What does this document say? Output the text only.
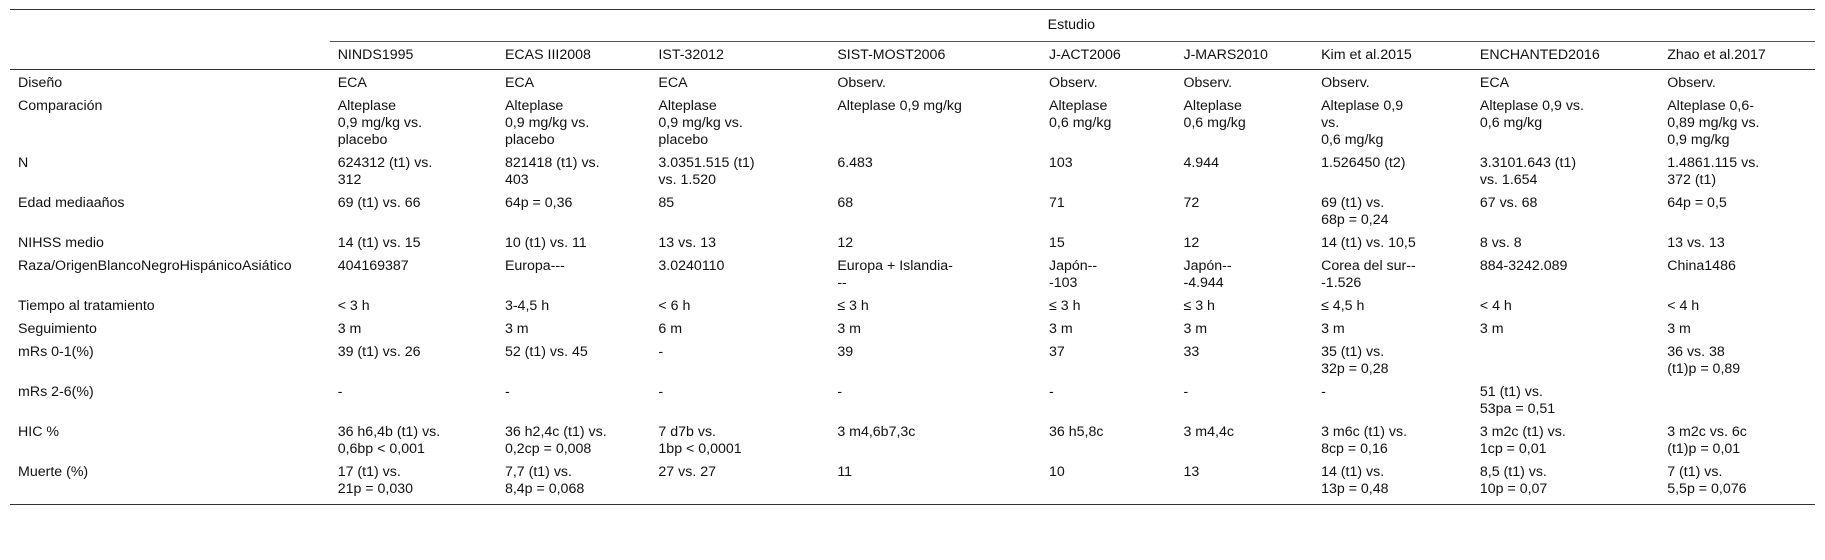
	Estudio								
	NINDS1995	ECAS III2008	IST-32012	SIST-MOST2006	J-ACT2006	J-MARS2010	Kim et al.2015	ENCHANTED2016	Zhao et al.2017
Diseño	ECA	ECA	ECA	Observ.	Observ.	Observ.	Observ.	ECA	Observ.
Comparación	Alteplase
0,9 mg/kg vs.
placebo	Alteplase
0,9 mg/kg vs.
placebo	Alteplase
0,9 mg/kg vs.
placebo	Alteplase 0,9 mg/kg	Alteplase
0,6 mg/kg	Alteplase
0,6 mg/kg	Alteplase 0,9
vs.
0,6 mg/kg	Alteplase 0,9 vs.
0,6 mg/kg	Alteplase 0,6-
0,89 mg/kg vs.
0,9 mg/kg
N	624312 (t1) vs.
312	821418 (t1) vs.
403	3.0351.515 (t1)
vs. 1.520	6.483	103	4.944	1.526450 (t2)	3.3101.643 (t1)
vs. 1.654	1.4861.115 vs.
372 (t1)
Edad mediaaños	69 (t1) vs. 66	64p = 0,36	85	68	71	72	69 (t1) vs.
68p = 0,24	67 vs. 68	64p = 0,5
NIHSS medio	14 (t1) vs. 15	10 (t1) vs. 11	13 vs. 13	12	15	12	14 (t1) vs. 10,5	8 vs. 8	13 vs. 13
Raza/OrigenBlancoNegroHispánicoAsiático	404169387	Europa---	3.0240110	Europa + Islandia-
--	Japón--
-103	Japón--
-4.944	Corea del sur--
-1.526	884-3242.089	China1486
Tiempo al tratamiento	< 3 h	3-4,5 h	< 6 h	≤ 3 h	≤ 3 h	≤ 3 h	≤ 4,5 h	< 4 h	< 4 h
Seguimiento	3 m	3 m	6 m	3 m	3 m	3 m	3 m	3 m	3 m
mRs 0-1(%)	39 (t1) vs. 26	52 (t1) vs. 45	-	39	37	33	35 (t1) vs.
32p = 0,28		36 vs. 38
(t1)p = 0,89
mRs 2-6(%)	-	-	-	-	-	-	-	51 (t1) vs.
53pa = 0,51	
HIC %	36 h6,4b (t1) vs.
0,6bp < 0,001	36 h2,4c (t1) vs.
0,2cp = 0,008	7 d7b vs.
1bp < 0,0001	3 m4,6b7,3c	36 h5,8c	3 m4,4c	3 m6c (t1) vs.
8cp = 0,16	3 m2c (t1) vs.
1cp = 0,01	3 m2c vs. 6c
(t1)p = 0,01
Muerte (%)	17 (t1) vs.
21p = 0,030	7,7 (t1) vs.
8,4p = 0,068	27 vs. 27	11	10	13	14 (t1) vs.
13p = 0,48	8,5 (t1) vs.
10p = 0,07	7 (t1) vs.
5,5p = 0,076
